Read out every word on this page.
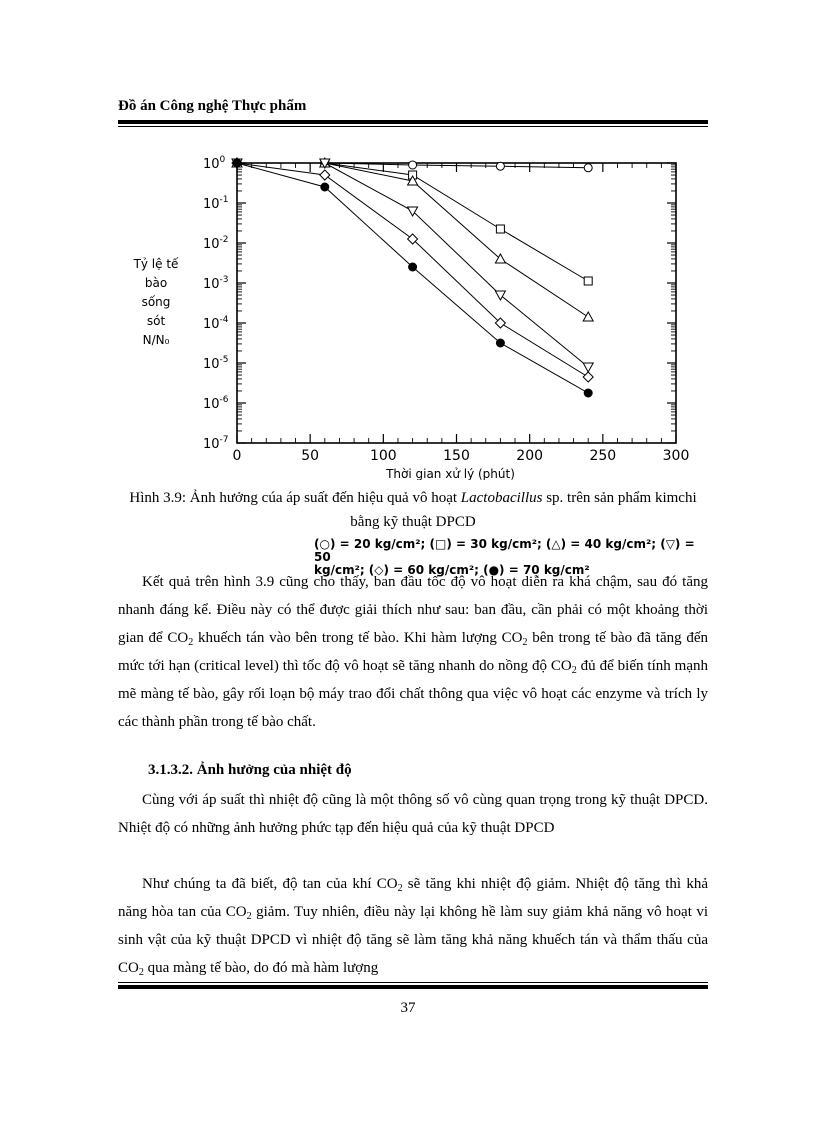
Đồ án Công nghệ Thực phẩm
$10^0$
$10^{-1}$
$10^{-2}$
$10^{-3}$
$10^{-4}$
$10^{-5}$
$10^{-6}$
$10^{-7}$
0	50	100	150	200	250	300
Thời gian xử lý (phút)
Tỷ lệ tế
bào
sống sót
N/N₀
Hình 3.9: Ảnh hưởng cúa áp suất đến hiệu quả vô hoạt Lactobacillus sp. trên sản phẩm kimchi bằng kỹ thuật DPCD
(○) = 20 kg/cm²; (□) = 30 kg/cm²; (△) = 40 kg/cm²; (▽) = 50
kg/cm²; (◇) = 60 kg/cm²; (●) = 70 kg/cm²

Kết quả trên hình 3.9 cũng cho thấy, ban đầu tốc độ vô hoạt diễn ra khá chậm, sau đó tăng nhanh đáng kể. Điều này có thể được giải thích như sau: ban đầu, cần phải có một khoảng thời gian để $CO_2$ khuếch tán vào bên trong tế bào. Khi hàm lượng $CO_2$ bên trong tế bào đã tăng đến mức tới hạn (critical level) thì tốc độ vô hoạt sẽ tăng nhanh do nồng độ $CO_2$ đủ để biến tính mạnh mẽ màng tế bào, gây rối loạn bộ máy trao đổi chất thông qua việc vô hoạt các enzyme và trích ly các thành phần trong tế bào chất.

3.1.3.2. Ảnh hưởng của nhiệt độ

Cùng với áp suất thì nhiệt độ cũng là một thông số vô cùng quan trọng trong kỹ thuật DPCD. Nhiệt độ có những ảnh hưởng phức tạp đến hiệu quả của kỹ thuật DPCD

Như chúng ta đã biết, độ tan của khí $CO_2$ sẽ tăng khi nhiệt độ giảm. Nhiệt độ tăng thì khả năng hòa tan của $CO_2$ giảm. Tuy nhiên, điều này lại không hề làm suy giảm khả năng vô hoạt vi sinh vật của kỹ thuật DPCD vì nhiệt độ tăng sẽ làm tăng khả năng khuếch tán và thẩm thấu của $CO_2$ qua màng tế bào, do đó mà hàm lượng

37
